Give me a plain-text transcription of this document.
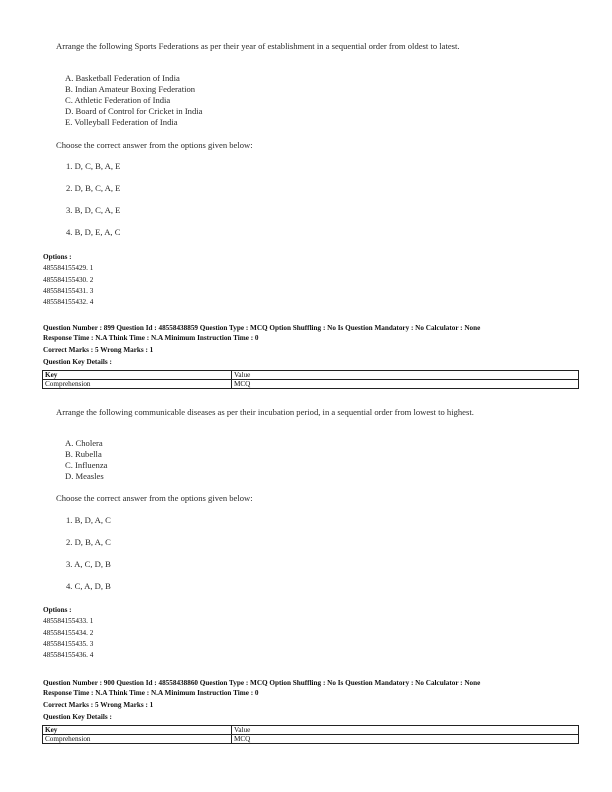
Arrange the following Sports Federations as per their year of establishment in a sequential order from oldest to latest.
A. Basketball Federation of India
B. Indian Amateur Boxing Federation
C. Athletic Federation of India
D. Board of Control for Cricket in India
E. Volleyball Federation of India
Choose the correct answer from the options given below:
1. D, C, B, A, E
2. D, B, C, A, E
3. B, D, C, A, E
4. B, D, E, A, C
Options :
485584155429. 1
485584155430. 2
485584155431. 3
485584155432. 4
Question Number : 899 Question Id : 48558438859 Question Type : MCQ Option Shuffling : No Is Question Mandatory : No Calculator : None
Response Time : N.A Think Time : N.A Minimum Instruction Time : 0
Correct Marks : 5 Wrong Marks : 1
Question Key Details :
Key	Value
Comprehension	MCQ
Arrange the following communicable diseases as per their incubation period, in a sequential order from lowest to highest.
A. Cholera
B. Rubella
C. Influenza
D. Measles
Choose the correct answer from the options given below:
1. B, D, A, C
2. D, B, A, C
3. A, C, D, B
4. C, A, D, B
Options :
485584155433. 1
485584155434. 2
485584155435. 3
485584155436. 4
Question Number : 900 Question Id : 48558438860 Question Type : MCQ Option Shuffling : No Is Question Mandatory : No Calculator : None
Response Time : N.A Think Time : N.A Minimum Instruction Time : 0
Correct Marks : 5 Wrong Marks : 1
Question Key Details :
Key	Value
Comprehension	MCQ
